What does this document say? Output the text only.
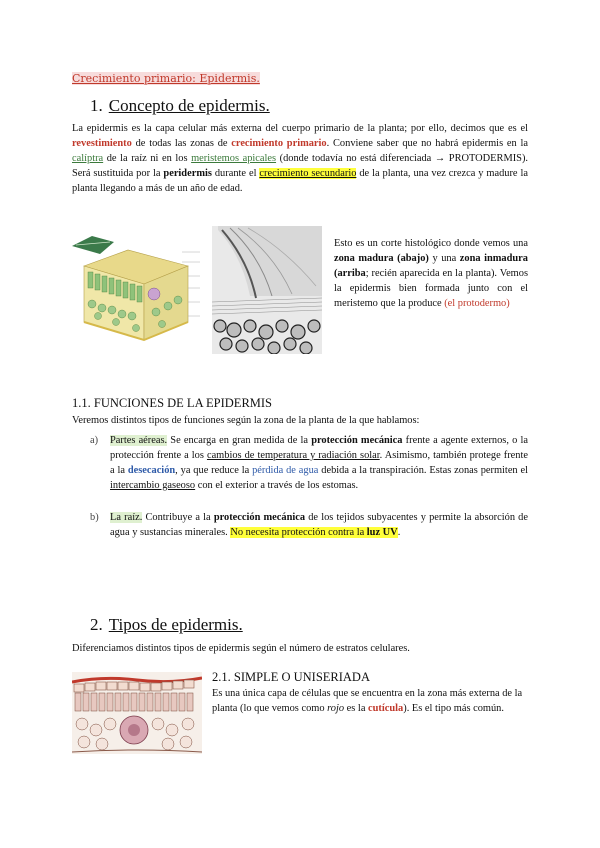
Crecimiento primario: Epidermis.
1. Concepto de epidermis.
La epidermis es la capa celular más externa del cuerpo primario de la planta; por ello, decimos que es el revestimiento de todas las zonas de crecimiento primario. Conviene saber que no habrá epidermis en la calíptra de la raíz ni en los meristemos apicales (donde todavía no está diferenciada → PROTODERMIS). Será sustituida por la peridermis durante el crecimiento secundario de la planta, una vez crezca y madure la planta llegando a más de un año de edad.
Esto es un corte histológico donde vemos una zona madura (abajo) y una zona inmadura (arriba; recién aparecida en la planta). Vemos la epidermis bien formada junto con el meristemo que la produce (el protodermo)
1.1. FUNCIONES DE LA EPIDERMIS
Veremos distintos tipos de funciones según la zona de la planta de la que hablamos:
a) Partes aéreas. Se encarga en gran medida de la protección mecánica frente a agente externos, o la protección frente a los cambios de temperatura y radiación solar. Asimismo, también protege frente a la desecación, ya que reduce la pérdida de agua debida a la transpiración. Estas zonas permiten el intercambio gaseoso con el exterior a través de los estomas.
b) La raíz. Contribuye a la protección mecánica de los tejidos subyacentes y permite la absorción de agua y sustancias minerales. No necesita protección contra la luz UV.
2. Tipos de epidermis.
Diferenciamos distintos tipos de epidermis según el número de estratos celulares.
2.1. SIMPLE O UNISERIADA
Es una única capa de células que se encuentra en la zona más externa de la planta (lo que vemos como rojo es la cutícula). Es el tipo más común.
